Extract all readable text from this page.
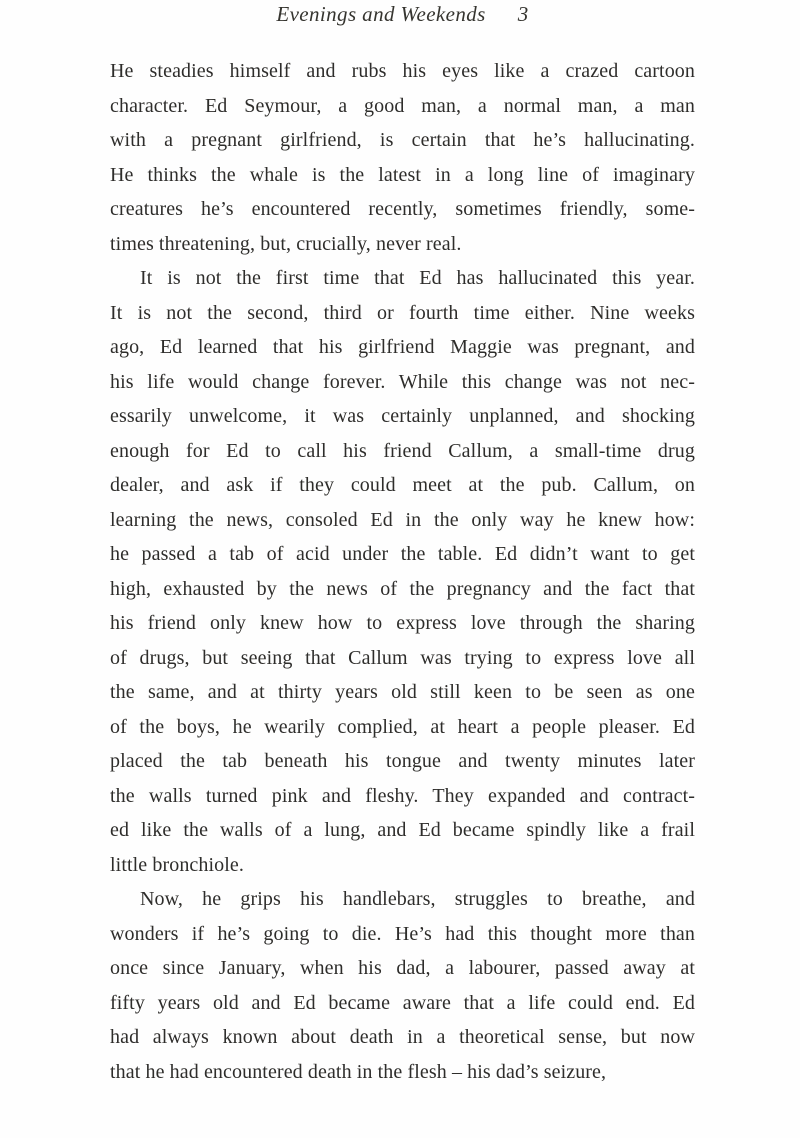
Evenings and Weekends 3
He steadies himself and rubs his eyes like a crazed cartoon
character. Ed Seymour, a good man, a normal man, a man
with a pregnant girlfriend, is certain that he’s hallucinating.
He thinks the whale is the latest in a long line of imaginary
creatures he’s encountered recently, sometimes friendly, some-
times threatening, but, crucially, never real.
It is not the first time that Ed has hallucinated this year.
It is not the second, third or fourth time either. Nine weeks
ago, Ed learned that his girlfriend Maggie was pregnant, and
his life would change forever. While this change was not nec-
essarily unwelcome, it was certainly unplanned, and shocking
enough for Ed to call his friend Callum, a small-time drug
dealer, and ask if they could meet at the pub. Callum, on
learning the news, consoled Ed in the only way he knew how:
he passed a tab of acid under the table. Ed didn’t want to get
high, exhausted by the news of the pregnancy and the fact that
his friend only knew how to express love through the sharing
of drugs, but seeing that Callum was trying to express love all
the same, and at thirty years old still keen to be seen as one
of the boys, he wearily complied, at heart a people pleaser. Ed
placed the tab beneath his tongue and twenty minutes later
the walls turned pink and fleshy. They expanded and contract-
ed like the walls of a lung, and Ed became spindly like a frail
little bronchiole.
Now, he grips his handlebars, struggles to breathe, and
wonders if he’s going to die. He’s had this thought more than
once since January, when his dad, a labourer, passed away at
fifty years old and Ed became aware that a life could end. Ed
had always known about death in a theoretical sense, but now
that he had encountered death in the flesh – his dad’s seizure,
